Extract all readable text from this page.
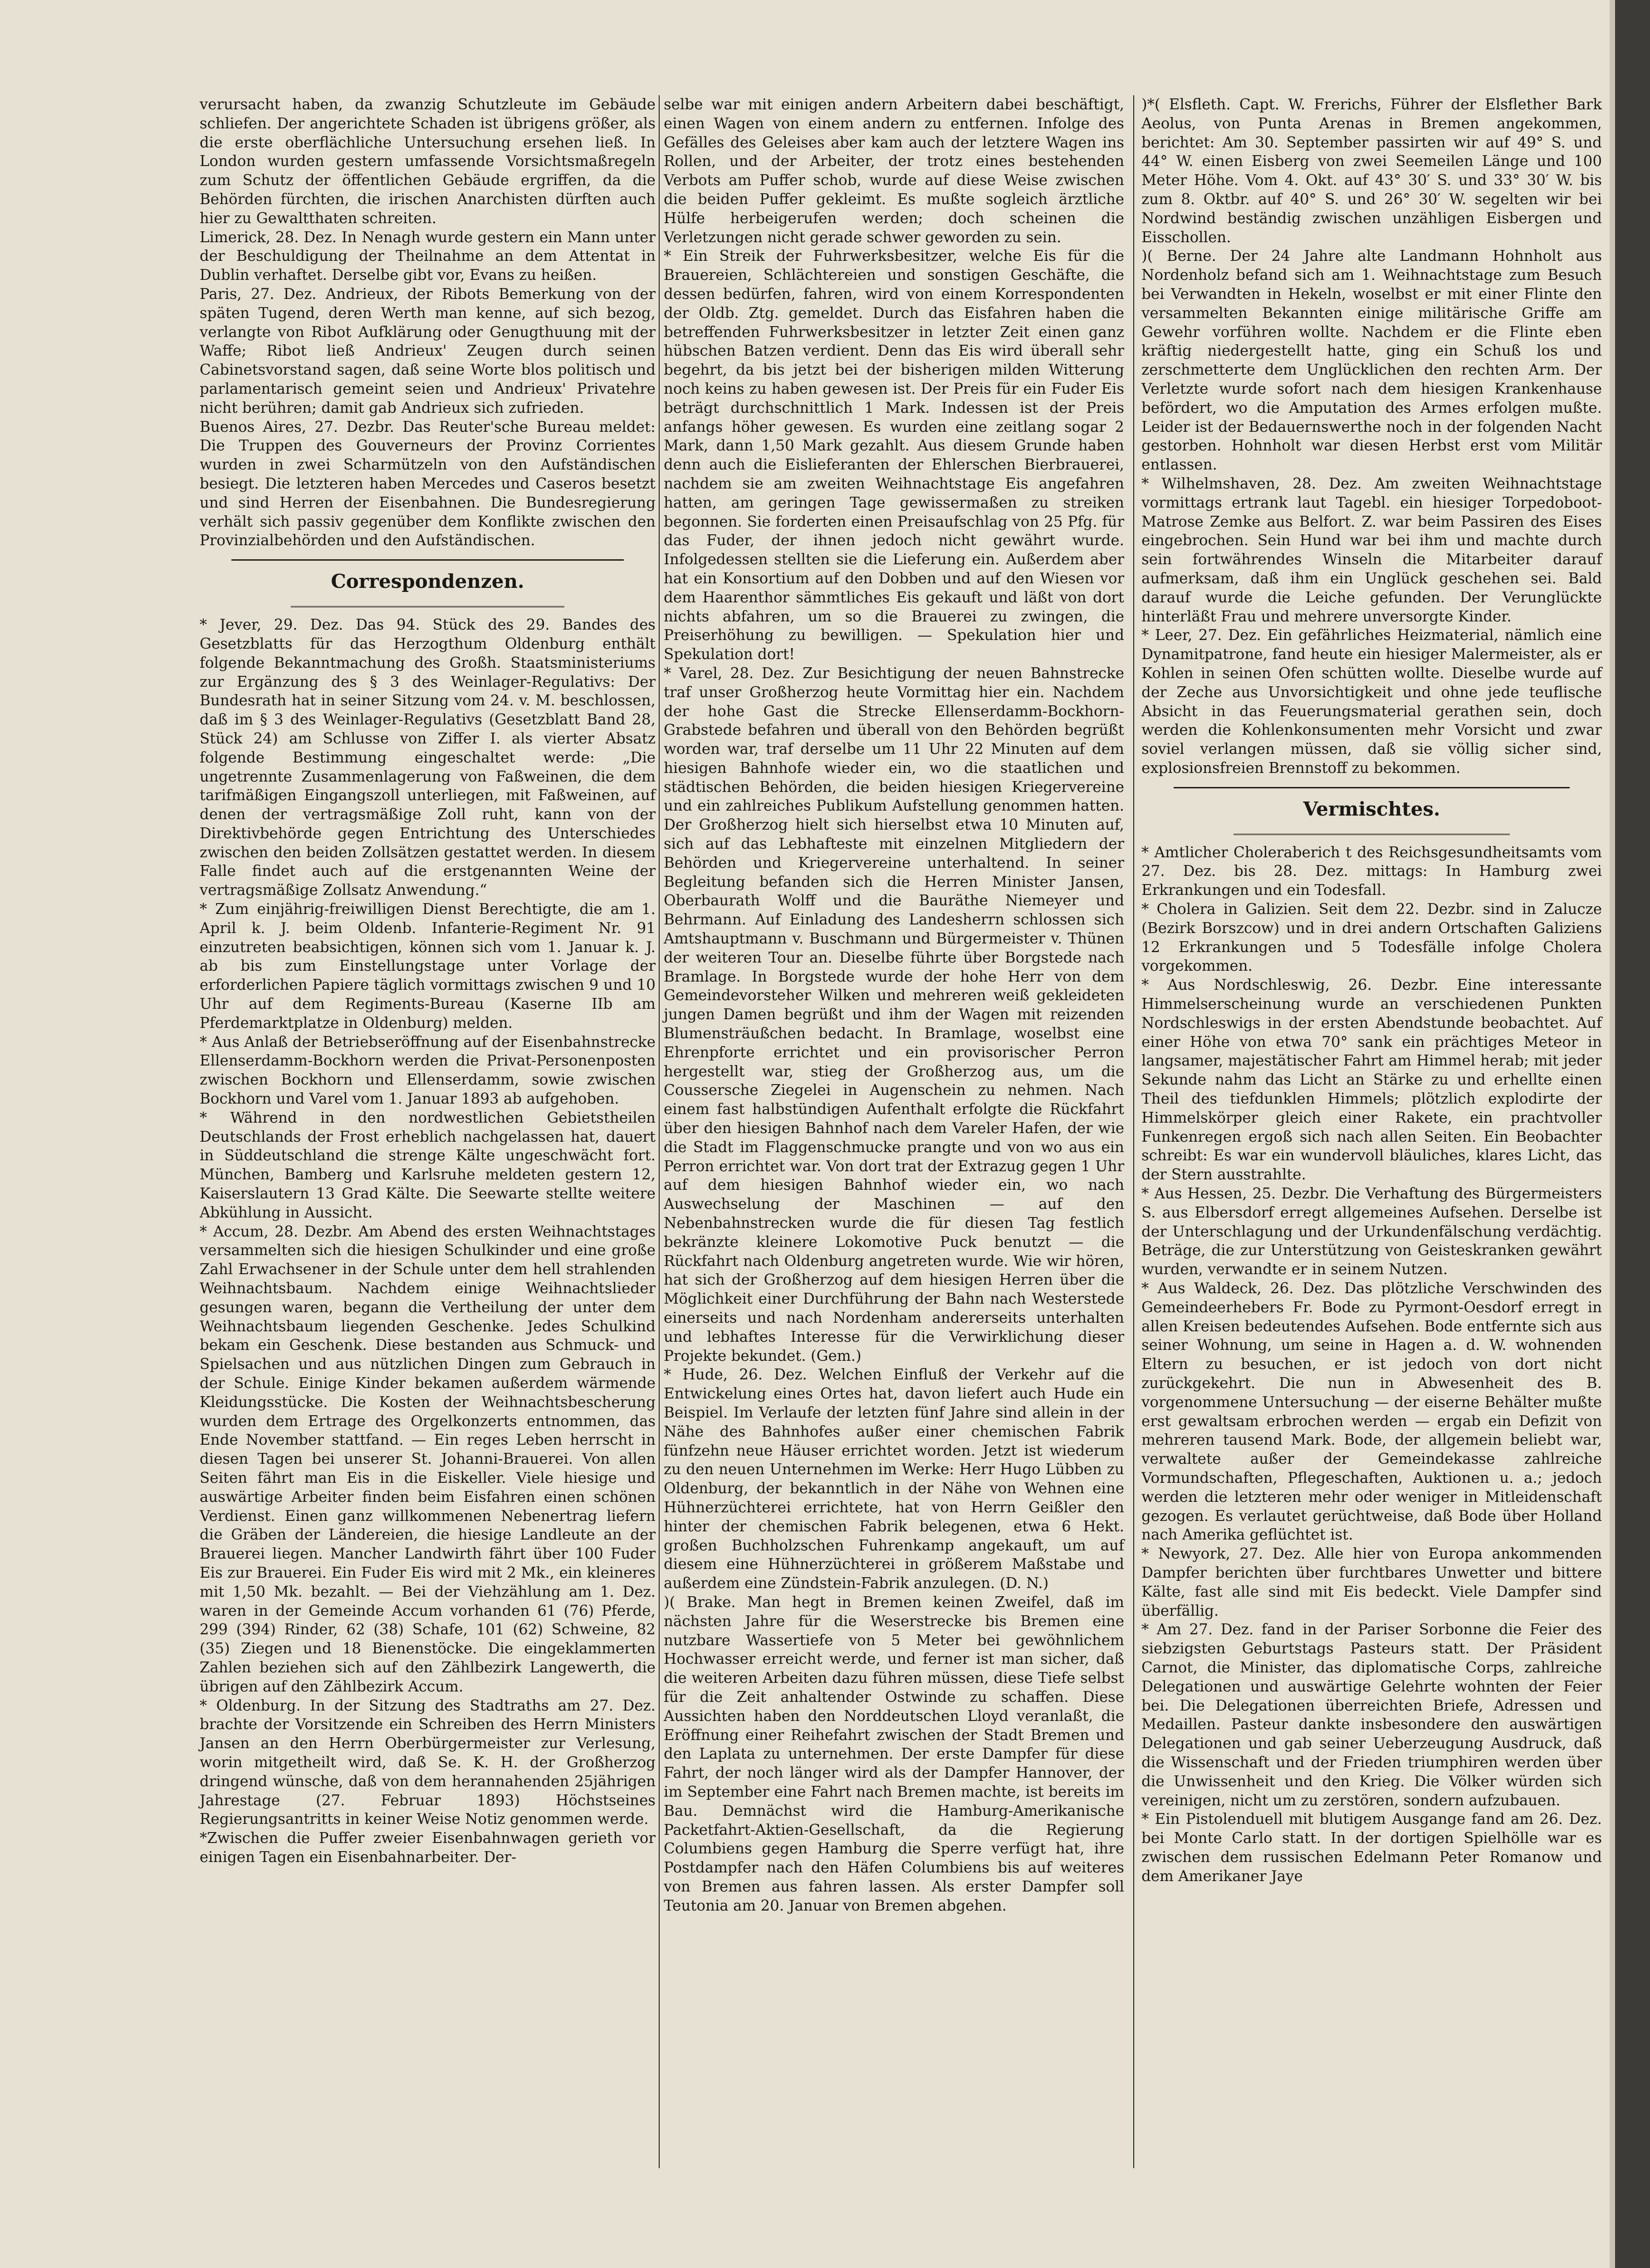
verursacht haben, da zwanzig Schutzleute im Gebäude schliefen. Der angerichtete Schaden ist übrigens größer, als die erste oberflächliche Untersuchung ersehen ließ. In London wurden gestern umfassende Vorsichtsmaßregeln zum Schutz der öffentlichen Gebäude ergriffen, da die Behörden fürchten, die irischen Anarchisten dürften auch hier zu Gewaltthaten schreiten.

Limerick, 28. Dez. In Nenagh wurde gestern ein Mann unter der Beschuldigung der Theilnahme an dem Attentat in Dublin verhaftet. Derselbe gibt vor, Evans zu heißen.

Paris, 27. Dez. Andrieux, der Ribots Bemerkung von der späten Tugend, deren Werth man kenne, auf sich bezog, verlangte von Ribot Aufklärung oder Genugthuung mit der Waffe; Ribot ließ Andrieux' Zeugen durch seinen Cabinetsvorstand sagen, daß seine Worte blos politisch und parlamentarisch gemeint seien und Andrieux' Privatehre nicht berühren; damit gab Andrieux sich zufrieden.

Buenos Aires, 27. Dezbr. Das Reuter'sche Bureau meldet: Die Truppen des Gouverneurs der Provinz Corrientes wurden in zwei Scharmützeln von den Aufständischen besiegt. Die letzteren haben Mercedes und Caseros besetzt und sind Herren der Eisenbahnen. Die Bundesregierung verhält sich passiv gegenüber dem Konflikte zwischen den Provinzialbehörden und den Aufständischen.

Correspondenzen.

* Jever, 29. Dez. Das 94. Stück des 29. Bandes des Gesetzblatts für das Herzogthum Oldenburg enthält folgende Bekanntmachung des Großh. Staatsministeriums zur Ergänzung des § 3 des Weinlager-Regulativs: Der Bundesrath hat in seiner Sitzung vom 24. v. M. beschlossen, daß im § 3 des Weinlager-Regulativs (Gesetzblatt Band 28, Stück 24) am Schlusse von Ziffer I. als vierter Absatz folgende Bestimmung eingeschaltet werde: „Die ungetrennte Zusammenlagerung von Faßweinen, die dem tarifmäßigen Eingangszoll unterliegen, mit Faßweinen, auf denen der vertragsmäßige Zoll ruht, kann von der Direktivbehörde gegen Entrichtung des Unterschiedes zwischen den beiden Zollsätzen gestattet werden. In diesem Falle findet auch auf die erstgenannten Weine der vertragsmäßige Zollsatz Anwendung.“

* Zum einjährig-freiwilligen Dienst Berechtigte, die am 1. April k. J. beim Oldenb. Infanterie-Regiment Nr. 91 einzutreten beabsichtigen, können sich vom 1. Januar k. J. ab bis zum Einstellungstage unter Vorlage der erforderlichen Papiere täglich vormittags zwischen 9 und 10 Uhr auf dem Regiments-Bureau (Kaserne IIb am Pferdemarktplatze in Oldenburg) melden.

* Aus Anlaß der Betriebseröffnung auf der Eisenbahnstrecke Ellenserdamm-Bockhorn werden die Privat-Personenposten zwischen Bockhorn und Ellenserdamm, sowie zwischen Bockhorn und Varel vom 1. Januar 1893 ab aufgehoben.

* Während in den nordwestlichen Gebietstheilen Deutschlands der Frost erheblich nachgelassen hat, dauert in Süddeutschland die strenge Kälte ungeschwächt fort. München, Bamberg und Karlsruhe meldeten gestern 12, Kaiserslautern 13 Grad Kälte. Die Seewarte stellte weitere Abkühlung in Aussicht.

* Accum, 28. Dezbr. Am Abend des ersten Weihnachtstages versammelten sich die hiesigen Schulkinder und eine große Zahl Erwachsener in der Schule unter dem hell strahlenden Weihnachtsbaum. Nachdem einige Weihnachtslieder gesungen waren, begann die Vertheilung der unter dem Weihnachtsbaum liegenden Geschenke. Jedes Schulkind bekam ein Geschenk. Diese bestanden aus Schmuck- und Spielsachen und aus nützlichen Dingen zum Gebrauch in der Schule. Einige Kinder bekamen außerdem wärmende Kleidungsstücke. Die Kosten der Weihnachtsbescherung wurden dem Ertrage des Orgelkonzerts entnommen, das Ende November stattfand. — Ein reges Leben herrscht in diesen Tagen bei unserer St. Johanni-Brauerei. Von allen Seiten fährt man Eis in die Eiskeller. Viele hiesige und auswärtige Arbeiter finden beim Eisfahren einen schönen Verdienst. Einen ganz willkommenen Nebenertrag liefern die Gräben der Ländereien, die hiesige Landleute an der Brauerei liegen. Mancher Landwirth fährt über 100 Fuder Eis zur Brauerei. Ein Fuder Eis wird mit 2 Mk., ein kleineres mit 1,50 Mk. bezahlt. — Bei der Viehzählung am 1. Dez. waren in der Gemeinde Accum vorhanden 61 (76) Pferde, 299 (394) Rinder, 62 (38) Schafe, 101 (62) Schweine, 82 (35) Ziegen und 18 Bienenstöcke. Die eingeklammerten Zahlen beziehen sich auf den Zählbezirk Langewerth, die übrigen auf den Zählbezirk Accum.

* Oldenburg. In der Sitzung des Stadtraths am 27. Dez. brachte der Vorsitzende ein Schreiben des Herrn Ministers Jansen an den Herrn Oberbürgermeister zur Verlesung, worin mitgetheilt wird, daß Se. K. H. der Großherzog dringend wünsche, daß von dem herannahenden 25jährigen Jahrestage (27. Februar 1893) Höchstseines Regierungsantritts in keiner Weise Notiz genommen werde.

*Zwischen die Puffer zweier Eisenbahnwagen gerieth vor einigen Tagen ein Eisenbahnarbeiter. Der-

selbe war mit einigen andern Arbeitern dabei beschäftigt, einen Wagen von einem andern zu entfernen. Infolge des Gefälles des Geleises aber kam auch der letztere Wagen ins Rollen, und der Arbeiter, der trotz eines bestehenden Verbots am Puffer schob, wurde auf diese Weise zwischen die beiden Puffer gekleimt. Es mußte sogleich ärztliche Hülfe herbeigerufen werden; doch scheinen die Verletzungen nicht gerade schwer geworden zu sein.

* Ein Streik der Fuhrwerksbesitzer, welche Eis für die Brauereien, Schlächtereien und sonstigen Geschäfte, die dessen bedürfen, fahren, wird von einem Korrespondenten der Oldb. Ztg. gemeldet. Durch das Eisfahren haben die betreffenden Fuhrwerksbesitzer in letzter Zeit einen ganz hübschen Batzen verdient. Denn das Eis wird überall sehr begehrt, da bis jetzt bei der bisherigen milden Witterung noch keins zu haben gewesen ist. Der Preis für ein Fuder Eis beträgt durchschnittlich 1 Mark. Indessen ist der Preis anfangs höher gewesen. Es wurden eine zeitlang sogar 2 Mark, dann 1,50 Mark gezahlt. Aus diesem Grunde haben denn auch die Eislieferanten der Ehlerschen Bierbrauerei, nachdem sie am zweiten Weihnachtstage Eis angefahren hatten, am geringen Tage gewissermaßen zu streiken begonnen. Sie forderten einen Preisaufschlag von 25 Pfg. für das Fuder, der ihnen jedoch nicht gewährt wurde. Infolgedessen stellten sie die Lieferung ein. Außerdem aber hat ein Konsortium auf den Dobben und auf den Wiesen vor dem Haarenthor sämmtliches Eis gekauft und läßt von dort nichts abfahren, um so die Brauerei zu zwingen, die Preiserhöhung zu bewilligen. — Spekulation hier und Spekulation dort!

* Varel, 28. Dez. Zur Besichtigung der neuen Bahnstrecke traf unser Großherzog heute Vormittag hier ein. Nachdem der hohe Gast die Strecke Ellenserdamm-Bockhorn-Grabstede befahren und überall von den Behörden begrüßt worden war, traf derselbe um 11 Uhr 22 Minuten auf dem hiesigen Bahnhofe wieder ein, wo die staatlichen und städtischen Behörden, die beiden hiesigen Kriegervereine und ein zahlreiches Publikum Aufstellung genommen hatten. Der Großherzog hielt sich hierselbst etwa 10 Minuten auf, sich auf das Lebhafteste mit einzelnen Mitgliedern der Behörden und Kriegervereine unterhaltend. In seiner Begleitung befanden sich die Herren Minister Jansen, Oberbaurath Wolff und die Bauräthe Niemeyer und Behrmann. Auf Einladung des Landesherrn schlossen sich Amtshauptmann v. Buschmann und Bürgermeister v. Thünen der weiteren Tour an. Dieselbe führte über Borgstede nach Bramlage. In Borgstede wurde der hohe Herr von dem Gemeindevorsteher Wilken und mehreren weiß gekleideten jungen Damen begrüßt und ihm der Wagen mit reizenden Blumensträußchen bedacht. In Bramlage, woselbst eine Ehrenpforte errichtet und ein provisorischer Perron hergestellt war, stieg der Großherzog aus, um die Coussersche Ziegelei in Augenschein zu nehmen. Nach einem fast halbstündigen Aufenthalt erfolgte die Rückfahrt über den hiesigen Bahnhof nach dem Vareler Hafen, der wie die Stadt im Flaggenschmucke prangte und von wo aus ein Perron errichtet war. Von dort trat der Extrazug gegen 1 Uhr auf dem hiesigen Bahnhof wieder ein, wo nach Auswechselung der Maschinen — auf den Nebenbahnstrecken wurde die für diesen Tag festlich bekränzte kleinere Lokomotive Puck benutzt — die Rückfahrt nach Oldenburg angetreten wurde. Wie wir hören, hat sich der Großherzog auf dem hiesigen Herren über die Möglichkeit einer Durchführung der Bahn nach Westerstede einerseits und nach Nordenham andererseits unterhalten und lebhaftes Interesse für die Verwirklichung dieser Projekte bekundet. (Gem.)

* Hude, 26. Dez. Welchen Einfluß der Verkehr auf die Entwickelung eines Ortes hat, davon liefert auch Hude ein Beispiel. Im Verlaufe der letzten fünf Jahre sind allein in der Nähe des Bahnhofes außer einer chemischen Fabrik fünfzehn neue Häuser errichtet worden. Jetzt ist wiederum zu den neuen Unternehmen im Werke: Herr Hugo Lübben zu Oldenburg, der bekanntlich in der Nähe von Wehnen eine Hühnerzüchterei errichtete, hat von Herrn Geißler den hinter der chemischen Fabrik belegenen, etwa 6 Hekt. großen Buchholzschen Fuhrenkamp angekauft, um auf diesem eine Hühnerzüchterei in größerem Maßstabe und außerdem eine Zündstein-Fabrik anzulegen. (D. N.)

)( Brake. Man hegt in Bremen keinen Zweifel, daß im nächsten Jahre für die Weserstrecke bis Bremen eine nutzbare Wassertiefe von 5 Meter bei gewöhnlichem Hochwasser erreicht werde, und ferner ist man sicher, daß die weiteren Arbeiten dazu führen müssen, diese Tiefe selbst für die Zeit anhaltender Ostwinde zu schaffen. Diese Aussichten haben den Norddeutschen Lloyd veranlaßt, die Eröffnung einer Reihefahrt zwischen der Stadt Bremen und den Laplata zu unternehmen. Der erste Dampfer für diese Fahrt, der noch länger wird als der Dampfer Hannover, der im September eine Fahrt nach Bremen machte, ist bereits im Bau. Demnächst wird die Hamburg-Amerikanische Packetfahrt-Aktien-Gesellschaft, da die Regierung Columbiens gegen Hamburg die Sperre verfügt hat, ihre Postdampfer nach den Häfen Columbiens bis auf weiteres von Bremen aus fahren lassen. Als erster Dampfer soll Teutonia am 20. Januar von Bremen abgehen.

)*( Elsfleth. Capt. W. Frerichs, Führer der Elsflether Bark Aeolus, von Punta Arenas in Bremen angekommen, berichtet: Am 30. September passirten wir auf 49° S. und 44° W. einen Eisberg von zwei Seemeilen Länge und 100 Meter Höhe. Vom 4. Okt. auf 43° 30′ S. und 33° 30′ W. bis zum 8. Oktbr. auf 40° S. und 26° 30′ W. segelten wir bei Nordwind beständig zwischen unzähligen Eisbergen und Eisschollen.

)( Berne. Der 24 Jahre alte Landmann Hohnholt aus Nordenholz befand sich am 1. Weihnachtstage zum Besuch bei Verwandten in Hekeln, woselbst er mit einer Flinte den versammelten Bekannten einige militärische Griffe am Gewehr vorführen wollte. Nachdem er die Flinte eben kräftig niedergestellt hatte, ging ein Schuß los und zerschmetterte dem Unglücklichen den rechten Arm. Der Verletzte wurde sofort nach dem hiesigen Krankenhause befördert, wo die Amputation des Armes erfolgen mußte. Leider ist der Bedauernswerthe noch in der folgenden Nacht gestorben. Hohnholt war diesen Herbst erst vom Militär entlassen.

* Wilhelmshaven, 28. Dez. Am zweiten Weihnachtstage vormittags ertrank laut Tagebl. ein hiesiger Torpedoboot-Matrose Zemke aus Belfort. Z. war beim Passiren des Eises eingebrochen. Sein Hund war bei ihm und machte durch sein fortwährendes Winseln die Mitarbeiter darauf aufmerksam, daß ihm ein Unglück geschehen sei. Bald darauf wurde die Leiche gefunden. Der Verunglückte hinterläßt Frau und mehrere unversorgte Kinder.

* Leer, 27. Dez. Ein gefährliches Heizmaterial, nämlich eine Dynamitpatrone, fand heute ein hiesiger Malermeister, als er Kohlen in seinen Ofen schütten wollte. Dieselbe wurde auf der Zeche aus Unvorsichtigkeit und ohne jede teuflische Absicht in das Feuerungsmaterial gerathen sein, doch werden die Kohlenkonsumenten mehr Vorsicht und zwar soviel verlangen müssen, daß sie völlig sicher sind, explosionsfreien Brennstoff zu bekommen.

Vermischtes.

* Amtlicher Choleraberich t des Reichsgesundheitsamts vom 27. Dez. bis 28. Dez. mittags: In Hamburg zwei Erkrankungen und ein Todesfall.

* Cholera in Galizien. Seit dem 22. Dezbr. sind in Zalucze (Bezirk Borszcow) und in drei andern Ortschaften Galiziens 12 Erkrankungen und 5 Todesfälle infolge Cholera vorgekommen.

* Aus Nordschleswig, 26. Dezbr. Eine interessante Himmelserscheinung wurde an verschiedenen Punkten Nordschleswigs in der ersten Abendstunde beobachtet. Auf einer Höhe von etwa 70° sank ein prächtiges Meteor in langsamer, majestätischer Fahrt am Himmel herab; mit jeder Sekunde nahm das Licht an Stärke zu und erhellte einen Theil des tiefdunklen Himmels; plötzlich explodirte der Himmelskörper gleich einer Rakete, ein prachtvoller Funkenregen ergoß sich nach allen Seiten. Ein Beobachter schreibt: Es war ein wundervoll bläuliches, klares Licht, das der Stern ausstrahlte.

* Aus Hessen, 25. Dezbr. Die Verhaftung des Bürgermeisters S. aus Elbersdorf erregt allgemeines Aufsehen. Derselbe ist der Unterschlagung und der Urkundenfälschung verdächtig. Beträge, die zur Unterstützung von Geisteskranken gewährt wurden, verwandte er in seinem Nutzen.

* Aus Waldeck, 26. Dez. Das plötzliche Verschwinden des Gemeindeerhebers Fr. Bode zu Pyrmont-Oesdorf erregt in allen Kreisen bedeutendes Aufsehen. Bode entfernte sich aus seiner Wohnung, um seine in Hagen a. d. W. wohnenden Eltern zu besuchen, er ist jedoch von dort nicht zurückgekehrt. Die nun in Abwesenheit des B. vorgenommene Untersuchung — der eiserne Behälter mußte erst gewaltsam erbrochen werden — ergab ein Defizit von mehreren tausend Mark. Bode, der allgemein beliebt war, verwaltete außer der Gemeindekasse zahlreiche Vormundschaften, Pflegeschaften, Auktionen u. a.; jedoch werden die letzteren mehr oder weniger in Mitleidenschaft gezogen. Es verlautet gerüchtweise, daß Bode über Holland nach Amerika geflüchtet ist.

* Newyork, 27. Dez. Alle hier von Europa ankommenden Dampfer berichten über furchtbares Unwetter und bittere Kälte, fast alle sind mit Eis bedeckt. Viele Dampfer sind überfällig.

* Am 27. Dez. fand in der Pariser Sorbonne die Feier des siebzigsten Geburtstags Pasteurs statt. Der Präsident Carnot, die Minister, das diplomatische Corps, zahlreiche Delegationen und auswärtige Gelehrte wohnten der Feier bei. Die Delegationen überreichten Briefe, Adressen und Medaillen. Pasteur dankte insbesondere den auswärtigen Delegationen und gab seiner Ueberzeugung Ausdruck, daß die Wissenschaft und der Frieden triumphiren werden über die Unwissenheit und den Krieg. Die Völker würden sich vereinigen, nicht um zu zerstören, sondern aufzubauen.

* Ein Pistolenduell mit blutigem Ausgange fand am 26. Dez. bei Monte Carlo statt. In der dortigen Spielhölle war es zwischen dem russischen Edelmann Peter Romanow und dem Amerikaner Jaye
